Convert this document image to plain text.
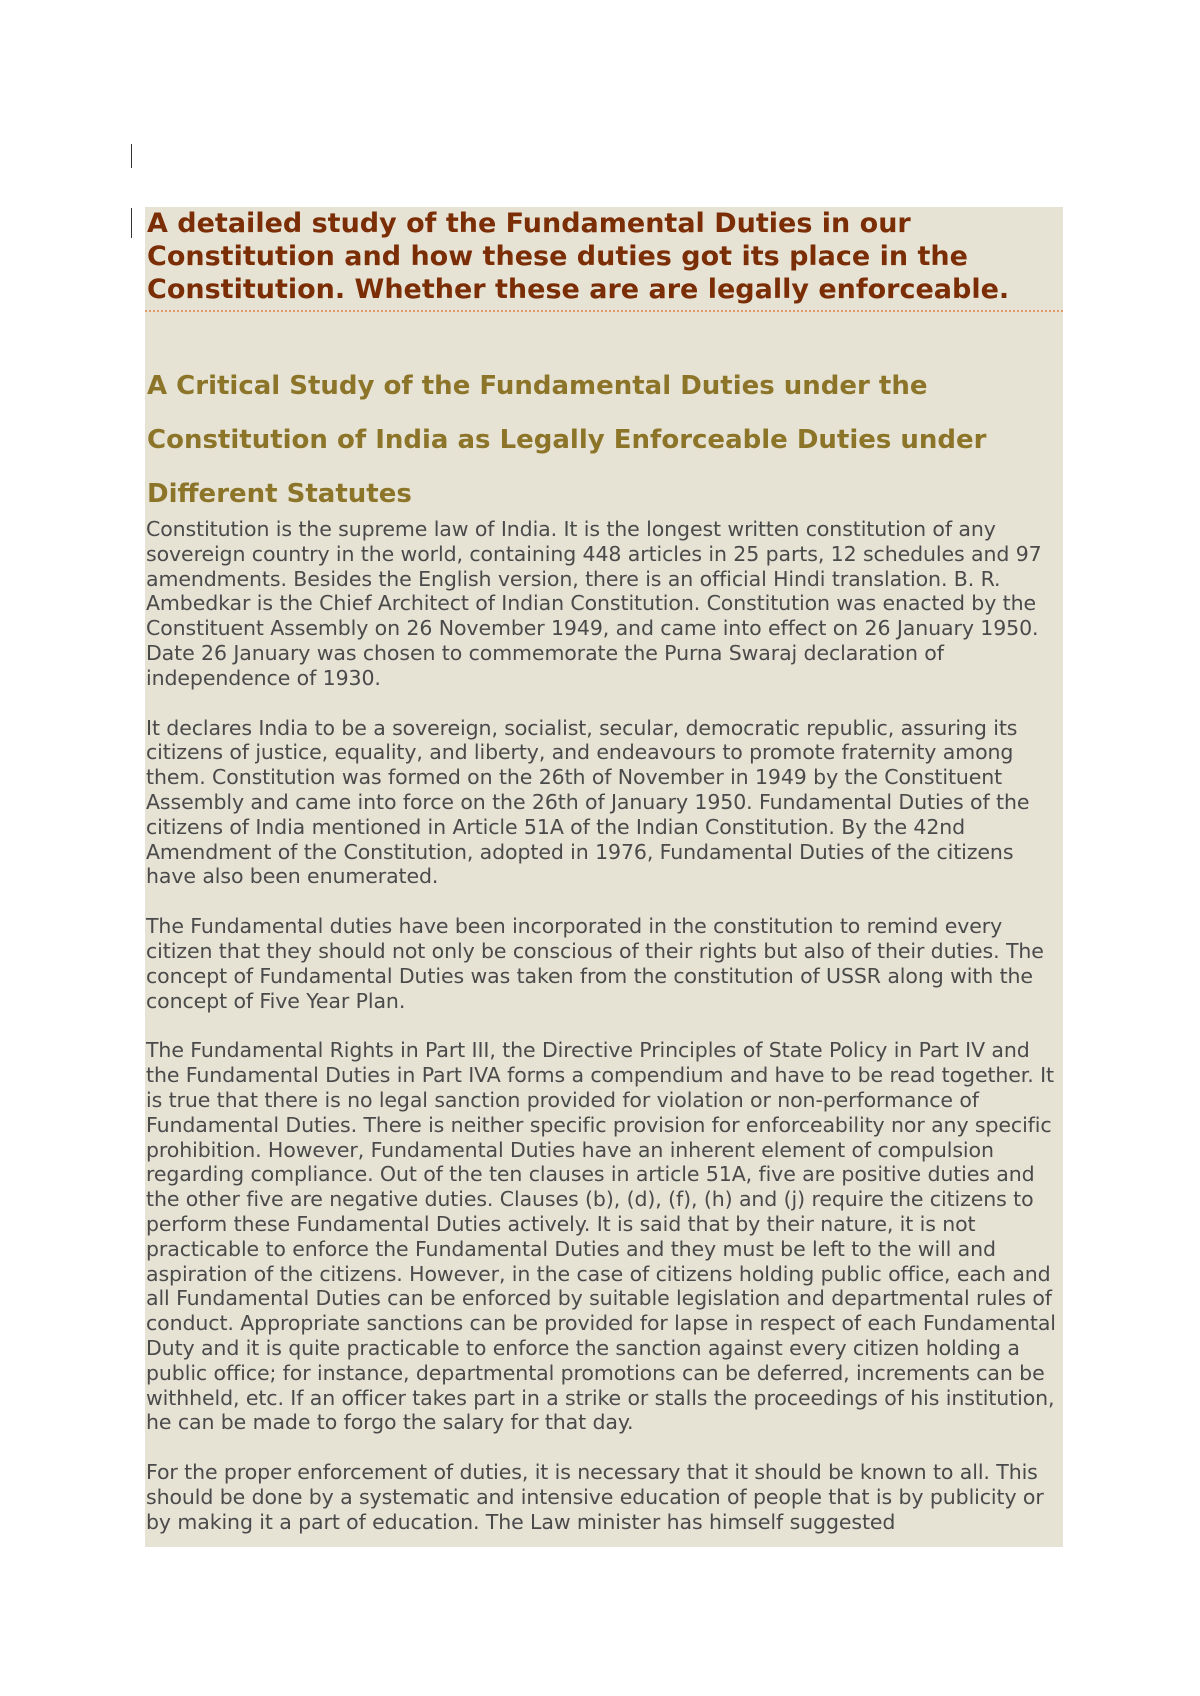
A detailed study of the Fundamental Duties in our Constitution and how these duties got its place in the Constitution. Whether these are are legally enforceable.
A Critical Study of the Fundamental Duties under the Constitution of India as Legally Enforceable Duties under Different Statutes

Constitution is the supreme law of India. It is the longest written constitution of any sovereign country in the world, containing 448 articles in 25 parts, 12 schedules and 97 amendments. Besides the English version, there is an official Hindi translation. B. R. Ambedkar is the Chief Architect of Indian Constitution. Constitution was enacted by the Constituent Assembly on 26 November 1949, and came into effect on 26 January 1950. Date 26 January was chosen to commemorate the Purna Swaraj declaration of independence of 1930.

It declares India to be a sovereign, socialist, secular, democratic republic, assuring its citizens of justice, equality, and liberty, and endeavours to promote fraternity among them. Constitution was formed on the 26th of November in 1949 by the Constituent Assembly and came into force on the 26th of January 1950. Fundamental Duties of the citizens of India mentioned in Article 51A of the Indian Constitution. By the 42nd Amendment of the Constitution, adopted in 1976, Fundamental Duties of the citizens have also been enumerated.

The Fundamental duties have been incorporated in the constitution to remind every citizen that they should not only be conscious of their rights but also of their duties. The concept of Fundamental Duties was taken from the constitution of USSR along with the concept of Five Year Plan.

The Fundamental Rights in Part III, the Directive Principles of State Policy in Part IV and the Fundamental Duties in Part IVA forms a compendium and have to be read together. It is true that there is no legal sanction provided for violation or non-performance of Fundamental Duties. There is neither specific provision for enforceability nor any specific prohibition. However, Fundamental Duties have an inherent element of compulsion regarding compliance. Out of the ten clauses in article 51A, five are positive duties and the other five are negative duties. Clauses (b), (d), (f), (h) and (j) require the citizens to perform these Fundamental Duties actively. It is said that by their nature, it is not practicable to enforce the Fundamental Duties and they must be left to the will and aspiration of the citizens. However, in the case of citizens holding public office, each and all Fundamental Duties can be enforced by suitable legislation and departmental rules of conduct. Appropriate sanctions can be provided for lapse in respect of each Fundamental Duty and it is quite practicable to enforce the sanction against every citizen holding a public office; for instance, departmental promotions can be deferred, increments can be withheld, etc. If an officer takes part in a strike or stalls the proceedings of his institution, he can be made to forgo the salary for that day.

For the proper enforcement of duties, it is necessary that it should be known to all. This should be done by a systematic and intensive education of people that is by publicity or by making it a part of education. The Law minister has himself suggested
